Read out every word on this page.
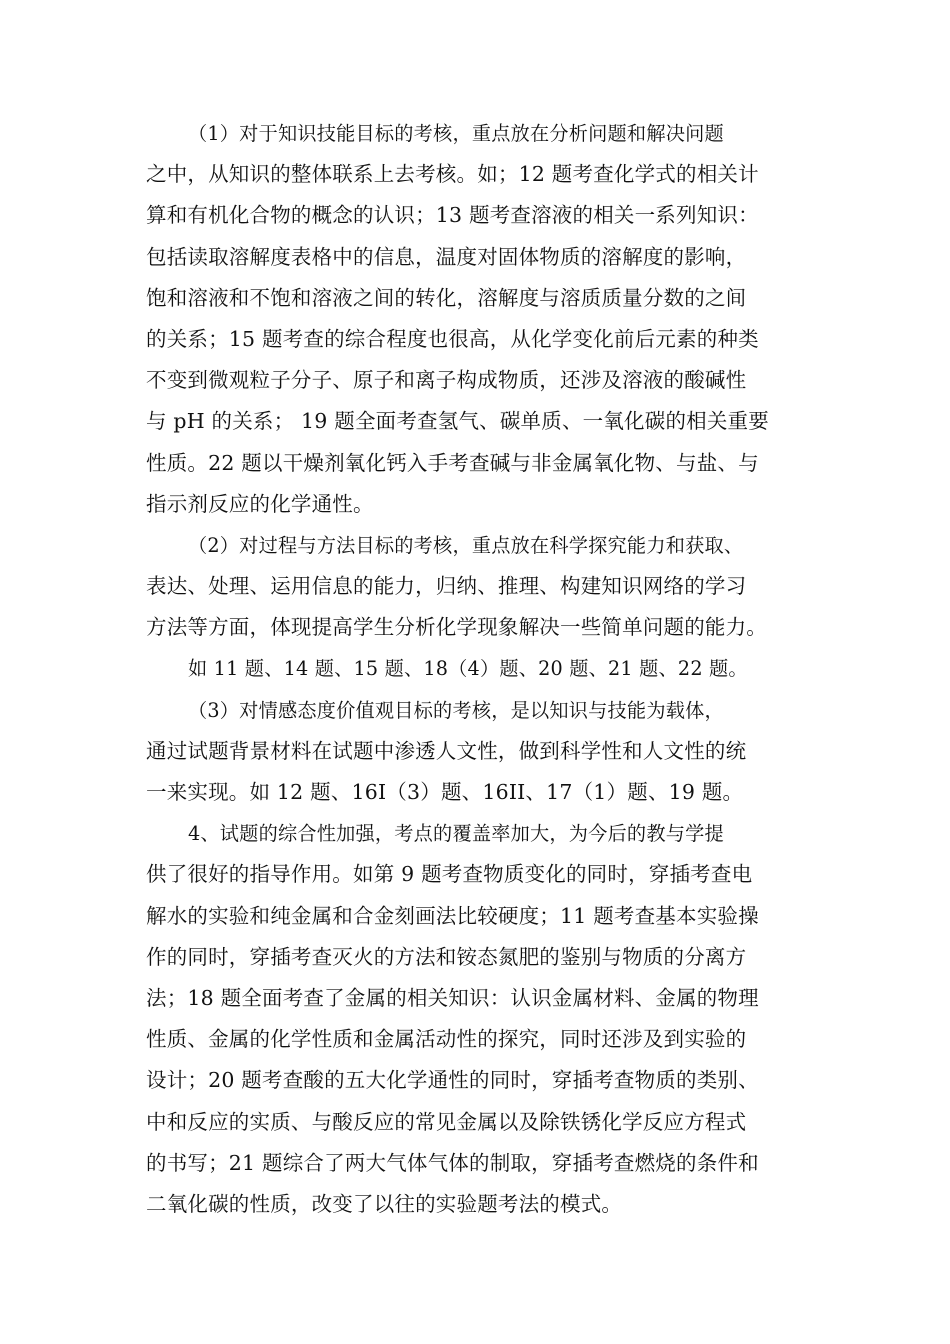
（1）对于知识技能目标的考核，重点放在分析问题和解决问题
之中，从知识的整体联系上去考核。如；12 题考查化学式的相关计
算和有机化合物的概念的认识；13 题考查溶液的相关一系列知识：
包括读取溶解度表格中的信息，温度对固体物质的溶解度的影响，
饱和溶液和不饱和溶液之间的转化，溶解度与溶质质量分数的之间
的关系；15 题考查的综合程度也很高，从化学变化前后元素的种类
不变到微观粒子分子、原子和离子构成物质，还涉及溶液的酸碱性
与 pH 的关系； 19 题全面考查氢气、碳单质、一氧化碳的相关重要
性质。22 题以干燥剂氧化钙入手考查碱与非金属氧化物、与盐、与
指示剂反应的化学通性。
（2）对过程与方法目标的考核，重点放在科学探究能力和获取、
表达、处理、运用信息的能力，归纳、推理、构建知识网络的学习
方法等方面，体现提高学生分析化学现象解决一些简单问题的能力。
如 11 题、14 题、15 题、18（4）题、20 题、21 题、22 题。
（3）对情感态度价值观目标的考核，是以知识与技能为载体，
通过试题背景材料在试题中渗透人文性，做到科学性和人文性的统
一来实现。如 12 题、16I（3）题、16II、17（1）题、19 题。
4、试题的综合性加强，考点的覆盖率加大，为今后的教与学提
供了很好的指导作用。如第 9 题考查物质变化的同时，穿插考查电
解水的实验和纯金属和合金刻画法比较硬度；11 题考查基本实验操
作的同时，穿插考查灭火的方法和铵态氮肥的鉴别与物质的分离方
法；18 题全面考查了金属的相关知识：认识金属材料、金属的物理
性质、金属的化学性质和金属活动性的探究，同时还涉及到实验的
设计；20 题考查酸的五大化学通性的同时，穿插考查物质的类别、
中和反应的实质、与酸反应的常见金属以及除铁锈化学反应方程式
的书写；21 题综合了两大气体气体的制取，穿插考查燃烧的条件和
二氧化碳的性质，改变了以往的实验题考法的模式。
